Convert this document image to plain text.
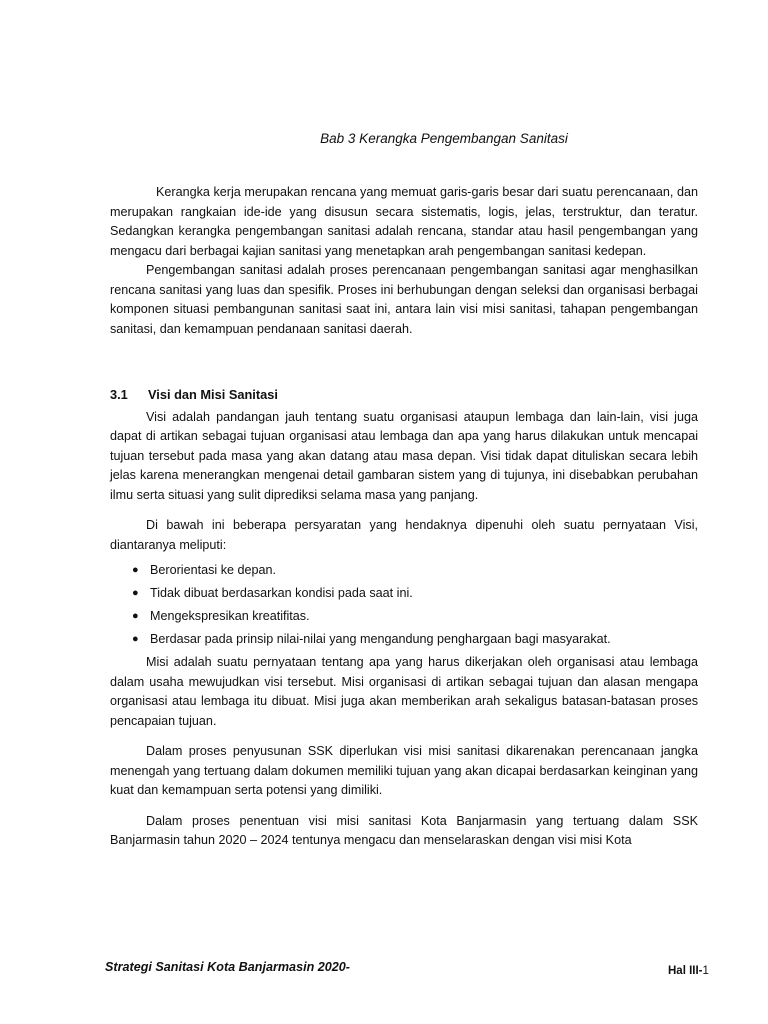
Bab 3 Kerangka Pengembangan Sanitasi

Kerangka kerja merupakan rencana yang memuat garis-garis besar dari suatu perencanaan, dan merupakan rangkaian ide-ide yang disusun secara sistematis, logis, jelas, terstruktur, dan teratur. Sedangkan kerangka pengembangan sanitasi adalah rencana, standar atau hasil pengembangan yang mengacu dari berbagai kajian sanitasi yang menetapkan arah pengembangan sanitasi kedepan.

Pengembangan sanitasi adalah proses perencanaan pengembangan sanitasi agar menghasilkan rencana sanitasi yang luas dan spesifik. Proses ini berhubungan dengan seleksi dan organisasi berbagai komponen situasi pembangunan sanitasi saat ini, antara lain visi misi sanitasi, tahapan pengembangan sanitasi, dan kemampuan pendanaan sanitasi daerah.

3.1	Visi dan Misi Sanitasi

Visi adalah pandangan jauh tentang suatu organisasi ataupun lembaga dan lain-lain, visi juga dapat di artikan sebagai tujuan organisasi atau lembaga dan apa yang harus dilakukan untuk mencapai tujuan tersebut pada masa yang akan datang atau masa depan. Visi tidak dapat dituliskan secara lebih jelas karena menerangkan mengenai detail gambaran sistem yang di tujunya, ini disebabkan perubahan ilmu serta situasi yang sulit diprediksi selama masa yang panjang.

Di bawah ini beberapa persyaratan yang hendaknya dipenuhi oleh suatu pernyataan Visi, diantaranya meliputi:

● Berorientasi ke depan.
● Tidak dibuat berdasarkan kondisi pada saat ini.
● Mengekspresikan kreatifitas.
● Berdasar pada prinsip nilai-nilai yang mengandung penghargaan bagi masyarakat.

Misi adalah suatu pernyataan tentang apa yang harus dikerjakan oleh organisasi atau lembaga dalam usaha mewujudkan visi tersebut. Misi organisasi di artikan sebagai tujuan dan alasan mengapa organisasi atau lembaga itu dibuat. Misi juga akan memberikan arah sekaligus batasan-batasan proses pencapaian tujuan.

Dalam proses penyusunan SSK diperlukan visi misi sanitasi dikarenakan perencanaan jangka menengah yang tertuang dalam dokumen memiliki tujuan yang akan dicapai berdasarkan keinginan yang kuat dan kemampuan serta potensi yang dimiliki.

Dalam proses penentuan visi misi sanitasi Kota Banjarmasin yang tertuang dalam SSK Banjarmasin tahun 2020 – 2024 tentunya mengacu dan menselaraskan dengan visi misi Kota

Strategi Sanitasi Kota Banjarmasin 2020-	Hal III-1
